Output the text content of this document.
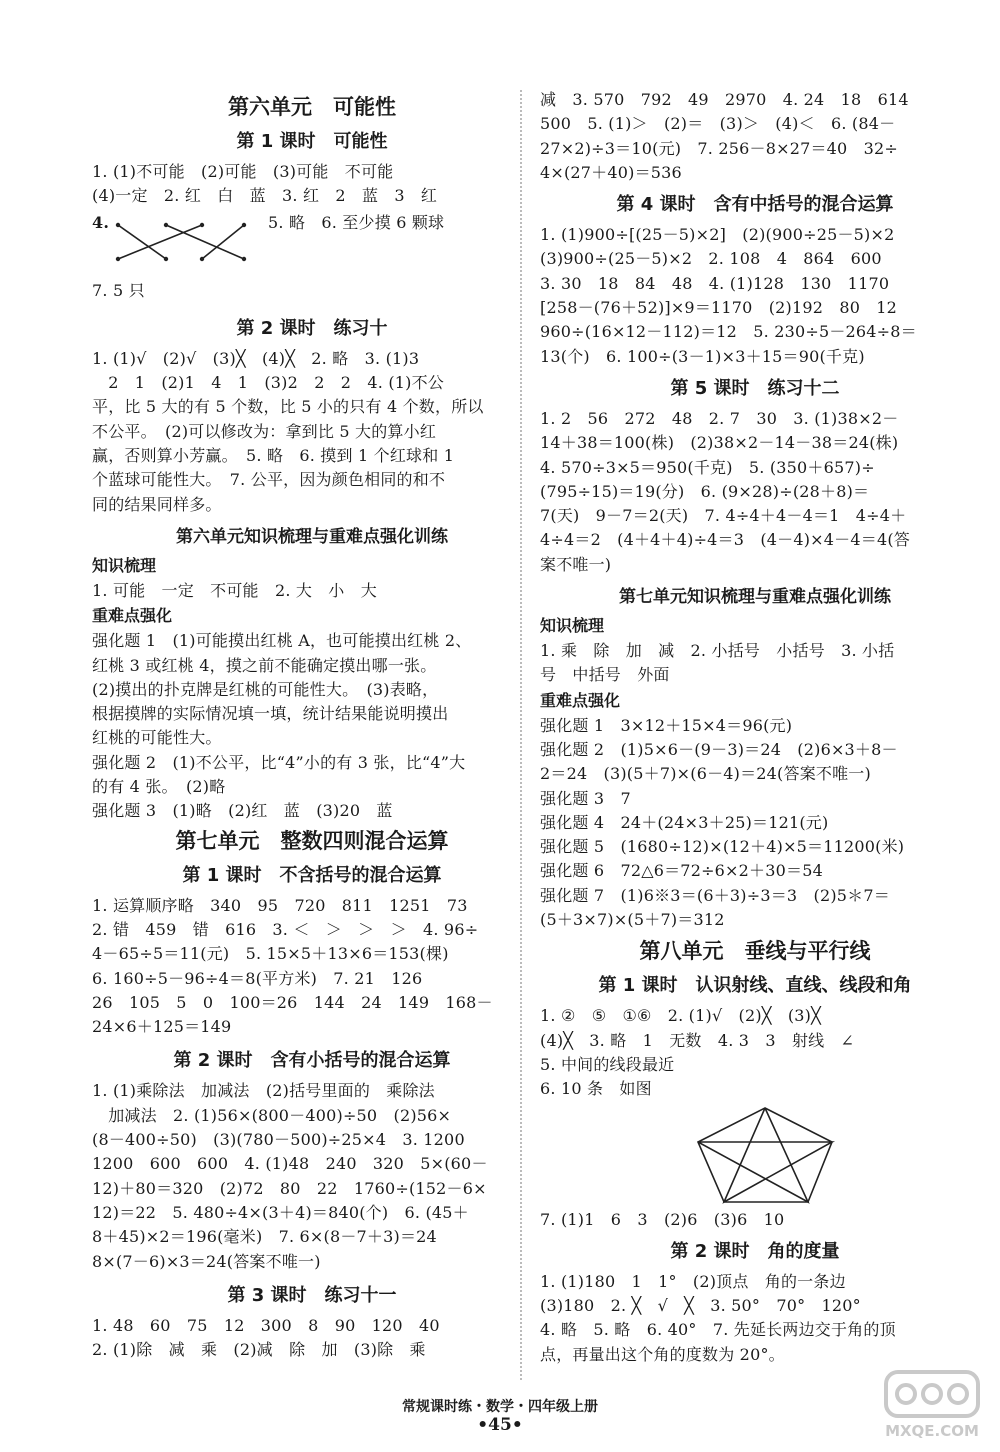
第六单元　可能性
第 1 课时　可能性
1. (1)不可能　(2)可能　(3)可能　不可能
(4)一定　2. 红　白　蓝　3. 红　2　蓝　3　红
4.	5. 略　6. 至少摸 6 颗球
7. 5 只
第 2 课时　练习十
1. (1)√　(2)√　(3)╳　(4)╳　2. 略　3. (1)3
　2　1　(2)1　4　1　(3)2　2　2　4. (1)不公
平，比 5 大的有 5 个数，比 5 小的只有 4 个数，所以
不公平。　(2)可以修改为：拿到比 5 大的算小红
赢，否则算小芳赢。　5. 略　6. 摸到 1 个红球和 1
个蓝球可能性大。　7. 公平，因为颜色相同的和不
同的结果同样多。
第六单元知识梳理与重难点强化训练
知识梳理
1. 可能　一定　不可能　2. 大　小　大
重难点强化
强化题 1　(1)可能摸出红桃 A，也可能摸出红桃 2、
红桃 3 或红桃 4，摸之前不能确定摸出哪一张。
(2)摸出的扑克牌是红桃的可能性大。　(3)表略，
根据摸牌的实际情况填一填，统计结果能说明摸出
红桃的可能性大。
强化题 2　(1)不公平，比“4”小的有 3 张，比“4”大
的有 4 张。　(2)略
强化题 3　(1)略　(2)红　蓝　(3)20　蓝
第七单元　整数四则混合运算
第 1 课时　不含括号的混合运算
1. 运算顺序略　340　95　720　811　1251　73
2. 错　459　错　616　3. ＜　＞　＞　＞　4. 96÷
4－65÷5＝11(元)　5. 15×5＋13×6＝153(棵)
6. 160÷5－96÷4＝8(平方米)　7. 21　126
26　105　5　0　100＝26　144　24　149　168－
24×6＋125＝149
第 2 课时　含有小括号的混合运算
1. (1)乘除法　加减法　(2)括号里面的　乘除法
　加减法　2. (1)56×(800－400)÷50　(2)56×
(8－400÷50)　(3)(780－500)÷25×4　3. 1200
1200　600　600　4. (1)48　240　320　5×(60－
12)＋80＝320　(2)72　80　22　1760÷(152－6×
12)＝22　5. 480÷4×(3＋4)＝840(个)　6. (45＋
8＋45)×2＝196(毫米)　7. 6×(8－7＋3)＝24
8×(7－6)×3＝24(答案不唯一)
第 3 课时　练习十一
1. 48　60　75　12　300　8　90　120　40
2. (1)除　减　乘　(2)减　除　加　(3)除　乘
减　3. 570　792　49　2970　4. 24　18　614
500　5. (1)＞　(2)＝　(3)＞　(4)＜　6. (84－
27×2)÷3＝10(元)　7. 256－8×27＝40　32÷
4×(27＋40)＝536
第 4 课时　含有中括号的混合运算
1. (1)900÷[(25－5)×2]　(2)(900÷25－5)×2
(3)900÷(25－5)×2　2. 108　4　864　600
3. 30　18　84　48　4. (1)128　130　1170
[258－(76＋52)]×9＝1170　(2)192　80　12
960÷(16×12－112)＝12　5. 230÷5－264÷8＝
13(个)　6. 100÷(3－1)×3＋15＝90(千克)
第 5 课时　练习十二
1. 2　56　272　48　2. 7　30　3. (1)38×2－
14＋38＝100(株)　(2)38×2－14－38＝24(株)
4. 570÷3×5＝950(千克)　5. (350＋657)÷
(795÷15)＝19(分)　6. (9×28)÷(28＋8)＝
7(天)　9－7＝2(天)　7. 4÷4＋4－4＝1　4÷4＋
4÷4＝2　(4＋4＋4)÷4＝3　(4－4)×4－4＝4(答
案不唯一)
第七单元知识梳理与重难点强化训练
知识梳理
1. 乘　除　加　减　2. 小括号　小括号　3. 小括
号　中括号　外面
重难点强化
强化题 1　3×12＋15×4＝96(元)
强化题 2　(1)5×6－(9－3)＝24　(2)6×3＋8－
2＝24　(3)(5＋7)×(6－4)＝24(答案不唯一)
强化题 3　7
强化题 4　24＋(24×3＋25)＝121(元)
强化题 5　(1680÷12)×(12＋4)×5＝11200(米)
强化题 6　72△6＝72÷6×2＋30＝54
强化题 7　(1)6※3＝(6＋3)÷3＝3　(2)5＊7＝
(5＋3×7)×(5＋7)＝312
第八单元　垂线与平行线
第 1 课时　认识射线、直线、线段和角
1. ②　⑤　①⑥　2. (1)√　(2)╳　(3)╳
(4)╳　3. 略　1　无数　4. 3　3　射线　∠
5. 中间的线段最近
6. 10 条　如图
7. (1)1　6　3　(2)6　(3)6　10
第 2 课时　角的度量
1. (1)180　1　1°　(2)顶点　角的一条边
(3)180　2. ╳　√　╳　3. 50°　70°　120°
4. 略　5. 略　6. 40°　7. 先延长两边交于角的顶
点，再量出这个角的度数为 20°。
常规课时练・数学・四年级上册
•45•	MXQE.COM
